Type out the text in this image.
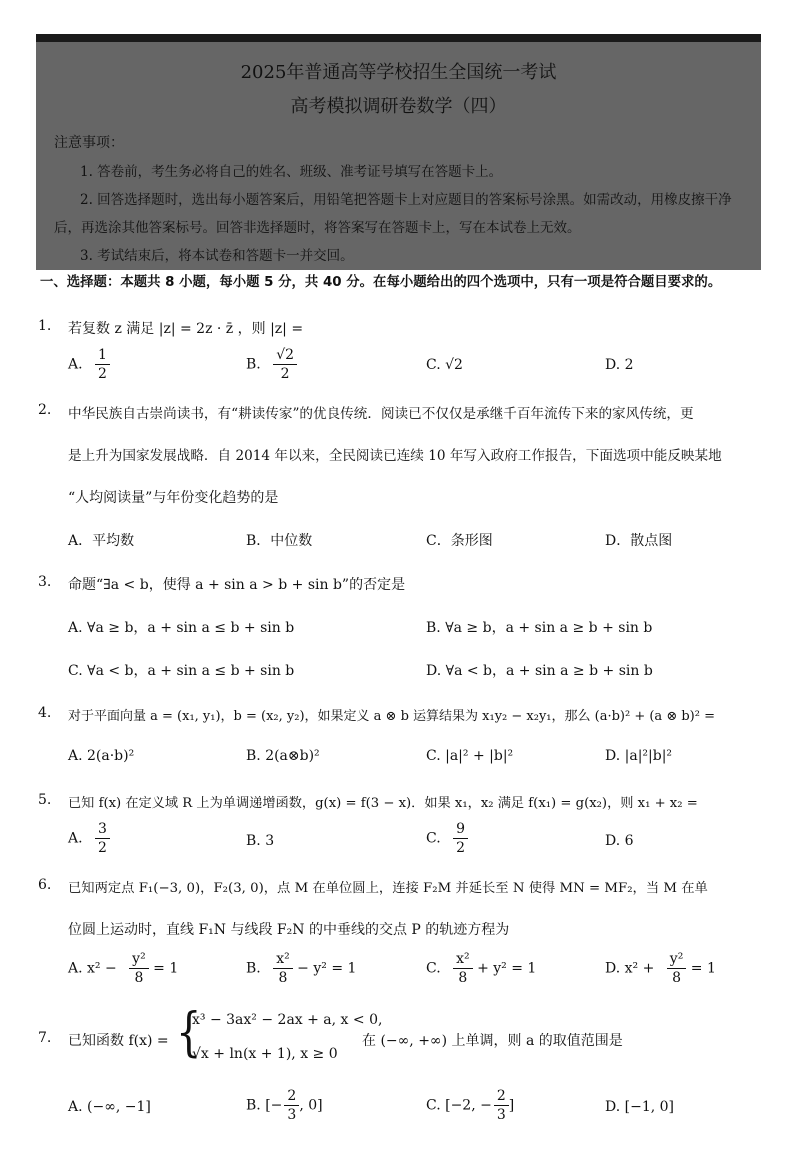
2025年普通高等学校招生全国统一考试
高考模拟调研卷数学（四）
注意事项：
1. 答卷前，考生务必将自己的姓名、班级、准考证号填写在答题卡上。
2. 回答选择题时，选出每小题答案后，用铅笔把答题卡上对应题目的答案标号涂黑。如需改动，用橡皮擦干净后，再选涂其他答案标号。回答非选择题时，将答案写在答题卡上，写在本试卷上无效。
3. 考试结束后，将本试卷和答题卡一并交回。
一、选择题：本题共 8 小题，每小题 5 分，共 40 分。在每小题给出的四个选项中，只有一项是符合题目要求的。
1. 若复数 z 满足 |z| = 2z · z̄ ，则 |z| =
A. $\frac{1}{2}$	B. $\frac{√2}{2}$	C. √2	D. 2
2. 中华民族自古崇尚读书，有“耕读传家”的优良传统．阅读已不仅仅是承继千百年流传下来的家风传统，更
是上升为国家发展战略．自 2014 年以来，全民阅读已连续 10 年写入政府工作报告，下面选项中能反映某地
“人均阅读量”与年份变化趋势的是
A．平均数	B．中位数	C．条形图	D．散点图
3. 命题“∃a < b，使得 a + sin a > b + sin b”的否定是
A. ∀a ≥ b，a + sin a ≤ b + sin b	B. ∀a ≥ b，a + sin a ≥ b + sin b
C. ∀a < b，a + sin a ≤ b + sin b	D. ∀a < b，a + sin a ≥ b + sin b
4. 对于平面向量 a = (x₁, y₁)，b = (x₂, y₂)，如果定义 a ⊗ b 运算结果为 x₁y₂ − x₂y₁，那么 (a·b)² + (a ⊗ b)² =
A. 2(a·b)²	B. 2(a⊗b)²	C. |a|² + |b|²	D. |a|²|b|²
5. 已知 f(x) 在定义域 R 上为单调递增函数，g(x) = f(3 − x)．如果 x₁，x₂ 满足 f(x₁) = g(x₂)，则 x₁ + x₂ =
A. $\frac{3}{2}$	B. 3	C. $\frac{9}{2}$	D. 6
6. 已知两定点 F₁(−3, 0)，F₂(3, 0)，点 M 在单位圆上，连接 F₂M 并延长至 N 使得 MN = MF₂，当 M 在单
位圆上运动时，直线 F₁N 与线段 F₂N 的中垂线的交点 P 的轨迹方程为
A. $x^2 - \frac{\text{y²}}{8} = 1$	B. $\frac{\text{x²}}{8} - y^2 = 1$	C. $\frac{\text{x²}}{8} + y^2 = 1$	D. $x^2 + \frac{\text{y²}}{8} = 1$
7. 已知函数 f(x) = {
x³ − 3ax² − 2ax + a, x < 0,
√x + ln(x + 1), x ≥ 0
在 (−∞, +∞) 上单调，则 a 的取值范围是
A. (−∞, −1]	B. [− $\frac{2}{3}$ , 0]	C. [−2, − $\frac{2}{3}$ ]	D. [−1, 0]
